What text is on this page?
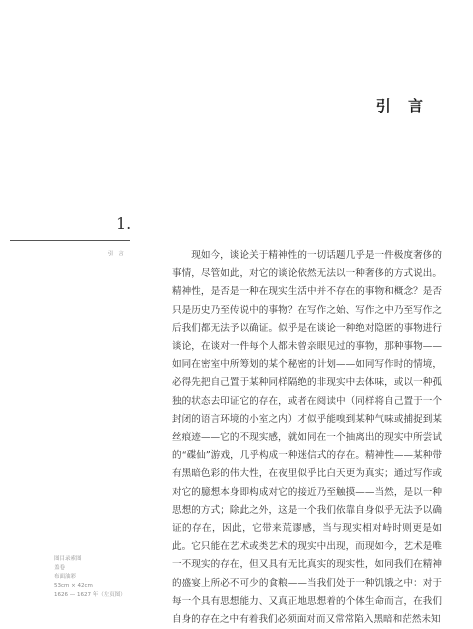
引 言
1.
引 言	现如今，谈论关于精神性的一切话题几乎是一件极度奢侈的事情，尽管如此，对它的谈论依然无法以一种奢侈的方式说出。精神性，是否是一种在现实生活中并不存在的事物和概念？是否只是历史乃至传说中的事物？在写作之始、写作之中乃至写作之后我们都无法予以确证。似乎是在谈论一种绝对隐匿的事物进行谈论，在谈对一件每个人都未曾亲眼见过的事物，那种事物——如同在密室中所筹划的某个秘密的计划——如同写作时的情境，必得先把自己置于某种同样隔绝的非现实中去体味，或以一种孤独的状态去印证它的存在，或者在阅读中（同样将自己置于一个封闭的语言环境的小室之内）才似乎能嗅到某种气味或捕捉到某丝痕迹——它的不现实感，就如同在一个抽离出的现实中所尝试的“碟仙”游戏，几乎构成一种迷信式的存在。精神性——某种带有黑暗色彩的伟大性，在夜里似乎比白天更为真实；通过写作或对它的臆想本身即构成对它的接近乃至触摸——当然，是以一种思想的方式；除此之外，这是一个我们依靠自身似乎无法予以确证的存在，因此，它带来荒谬感，当与现实相对峙时则更是如此。它只能在艺术或类艺术的现实中出现，而现如今，艺术是唯一不现实的存在，但又具有无比真实的现实性，如同我们在精神的盛宴上所必不可少的食粮——当我们处于一种饥饿之中：对于每一个具有思想能力、又真正地思想着的个体生命而言，在我们自身的存在之中有着我们必须面对而又常常陷入黑暗和茫然未知

图目录索图
盖卷
布面油彩
53cm × 42cm
1626 — 1627 年（左页图）
